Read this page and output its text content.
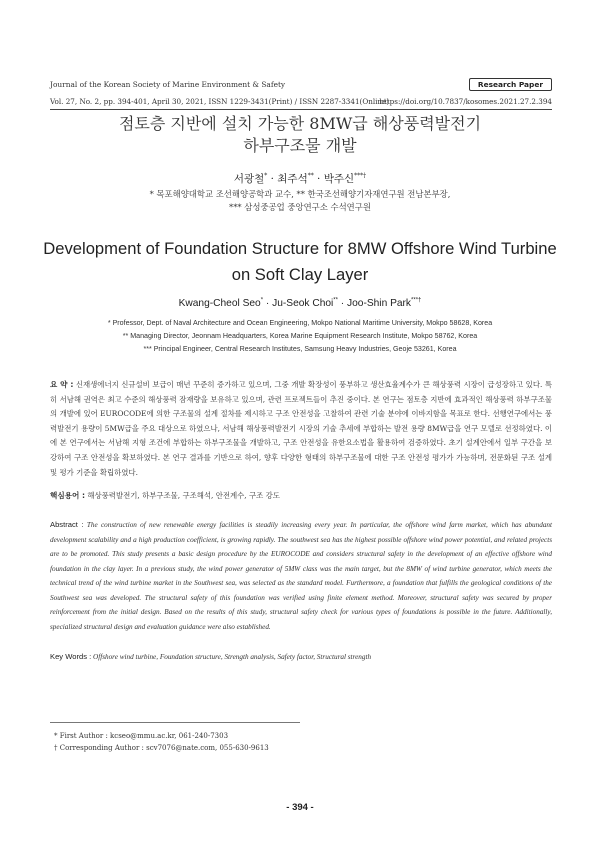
Journal of the Korean Society of Marine Environment & Safety	Research Paper
Vol. 27, No. 2, pp. 394-401, April 30, 2021, ISSN 1229-3431(Print) / ISSN 2287-3341(Online)
https://doi.org/10.7837/kosomes.2021.27.2.394
점토층 지반에 설치 가능한 8MW급 해상풍력발전기
하부구조물 개발
서광철* · 최주석** · 박주신***†
* 목포해양대학교 조선해양공학과 교수, ** 한국조선해양기자재연구원 전남본부장,
*** 삼성중공업 중앙연구소 수석연구원
Development of Foundation Structure for 8MW Offshore Wind Turbine
on Soft Clay Layer
Kwang-Cheol Seo* · Ju-Seok Choi** · Joo-Shin Park***†
* Professor, Dept. of Naval Architecture and Ocean Engineering, Mokpo National Maritime University, Mokpo 58628, Korea
** Managing Director, Jeonnam Headquarters, Korea Marine Equipment Research Institute, Mokpo 58762, Korea
*** Principal Engineer, Central Research Institutes, Samsung Heavy Industries, Geoje 53261, Korea
요 약 : 신재생에너지 신규설비 보급이 매년 꾸준히 증가하고 있으며, 그중 개발 확장성이 풍부하고 생산효율계수가 큰 해상풍력 시장이 급성장하고 있다. 특히 서남해 권역은 최고 수준의 해상풍력 잠재량을 보유하고 있으며, 관련 프로젝트들이 추진 중이다. 본 연구는 점토층 지반에 효과적인 해상풍력 하부구조물의 개발에 있어 EUROCODE에 의한 구조물의 설계 절차를 제시하고 구조 안전성을 고찰하여 관련 기술 분야에 이바지함을 목표로 한다. 선행연구에서는 풍력발전기 용량이 5MW급을 주요 대상으로 하였으나, 서남해 해상풍력발전기 시장의 기술 추세에 부합하는 발전 용량 8MW급을 연구 모델로 선정하였다. 이에 본 연구에서는 서남해 지형 조건에 부합하는 하부구조물을 개발하고, 구조 안전성을 유한요소법을 활용하여 검증하였다. 초기 설계안에서 일부 구간을 보강하여 구조 안전성을 확보하였다. 본 연구 결과를 기반으로 하여, 향후 다양한 형태의 하부구조물에 대한 구조 안전성 평가가 가능하며, 전문화된 구조 설계 및 평가 기준을 확립하였다.
핵심용어 : 해상풍력발전기, 하부구조물, 구조해석, 안전계수, 구조 강도
Abstract : The construction of new renewable energy facilities is steadily increasing every year. In particular, the offshore wind farm market, which has abundant development scalability and a high production coefficient, is growing rapidly. The southwest sea has the highest possible offshore wind power potential, and related projects are to be promoted. This study presents a basic design procedure by the EUROCODE and considers structural safety in the development of an effective offshore wind foundation in the clay layer. In a previous study, the wind power generator of 5MW class was the main target, but the 8MW of wind turbine generator, which meets the technical trend of the wind turbine market in the Southwest sea, was selected as the standard model. Furthermore, a foundation that fulfills the geological conditions of the Southwest sea was developed. The structural safety of this foundation was verified using finite element method. Moreover, structural safety was secured by proper reinforcement from the initial design. Based on the results of this study, structural safety check for various types of foundations is possible in the future. Additionally, specialized structural design and evaluation guidance were also established.
Key Words : Offshore wind turbine, Foundation structure, Strength analysis, Safety factor, Structural strength
* First Author : kcseo@mmu.ac.kr, 061-240-7303
† Corresponding Author : scv7076@nate.com, 055-630-9613
- 394 -
